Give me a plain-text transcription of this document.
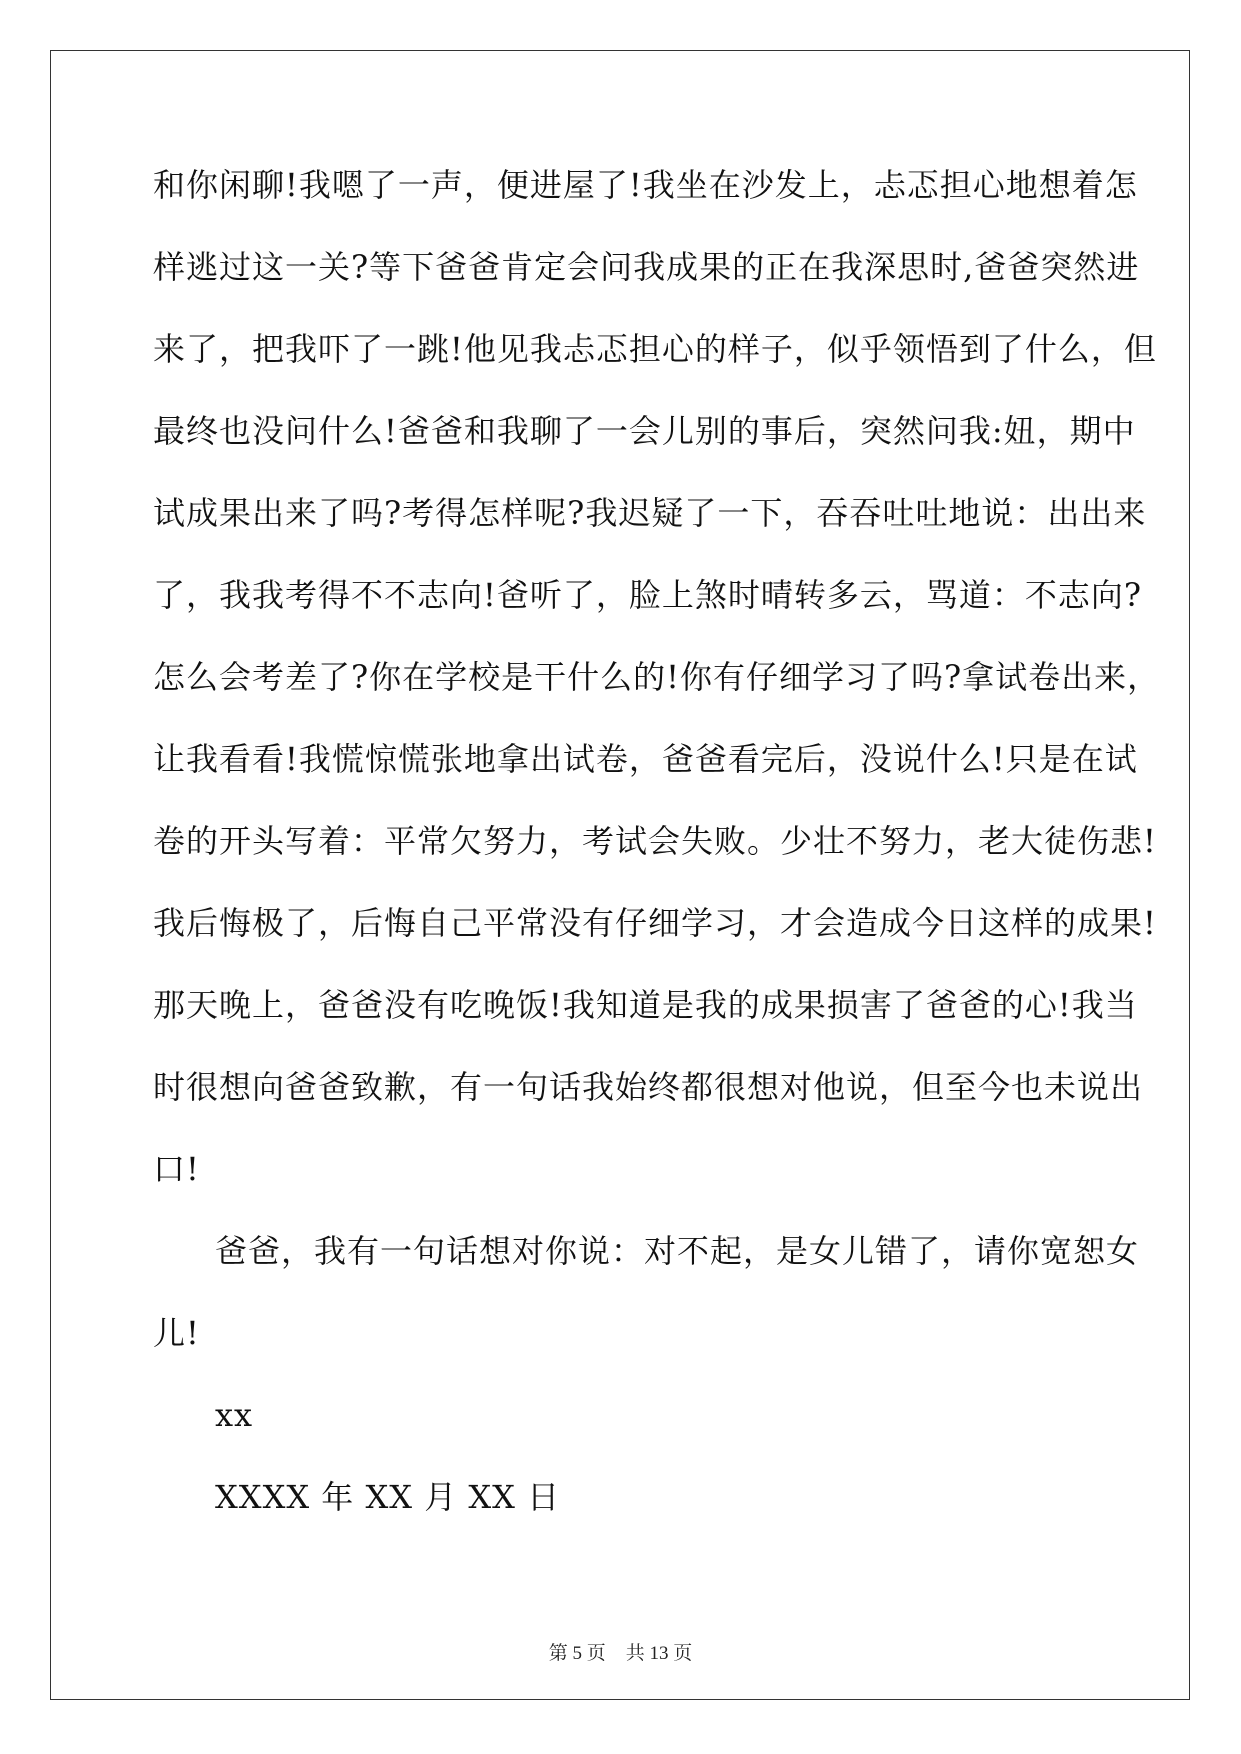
和你闲聊!我嗯了一声，便进屋了!我坐在沙发上，忐忑担心地想着怎
样逃过这一关?等下爸爸肯定会问我成果的正在我深思时,爸爸突然进
来了，把我吓了一跳!他见我忐忑担心的样子，似乎领悟到了什么，但
最终也没问什么!爸爸和我聊了一会儿别的事后，突然问我:妞，期中
试成果出来了吗?考得怎样呢?我迟疑了一下，吞吞吐吐地说：出出来
了，我我考得不不志向!爸听了，脸上煞时晴转多云，骂道：不志向?
怎么会考差了?你在学校是干什么的!你有仔细学习了吗?拿试卷出来，
让我看看!我慌惊慌张地拿出试卷，爸爸看完后，没说什么!只是在试
卷的开头写着：平常欠努力，考试会失败。少壮不努力，老大徒伤悲!
我后悔极了，后悔自己平常没有仔细学习，才会造成今日这样的成果!
那天晚上，爸爸没有吃晚饭!我知道是我的成果损害了爸爸的心!我当
时很想向爸爸致歉，有一句话我始终都很想对他说，但至今也未说出
口!
爸爸，我有一句话想对你说：对不起，是女儿错了，请你宽恕女
儿!
xx
XXXX 年 XX 月 XX 日
第 5 页 共 13 页
